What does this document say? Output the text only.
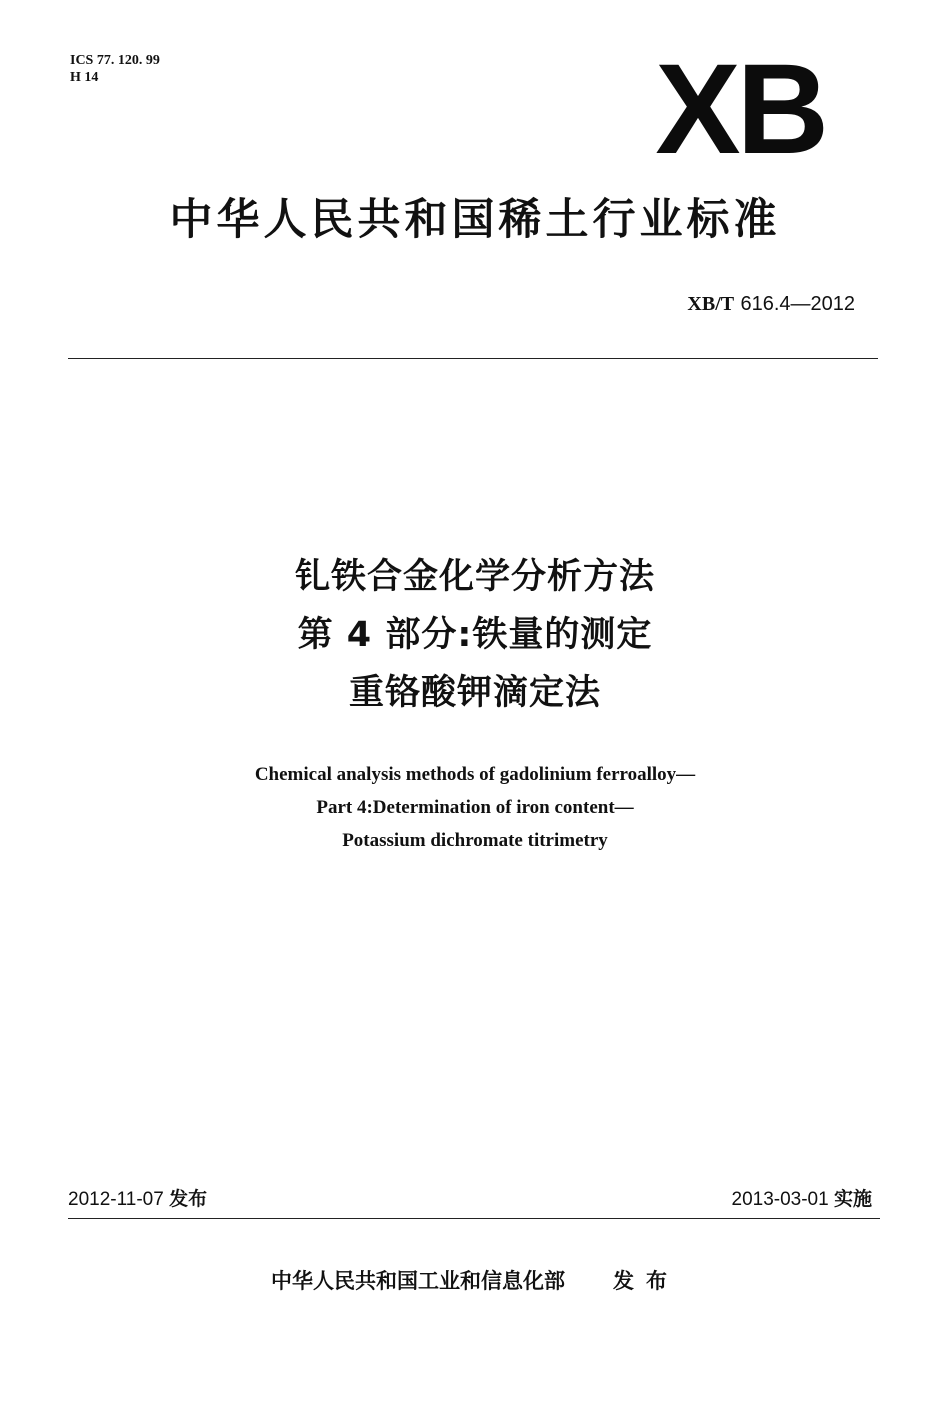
ICS 77. 120. 99
H 14	XB
中华人民共和国稀土行业标准
XB/T 616.4—2012
钆铁合金化学分析方法
第 4 部分:铁量的测定
重铬酸钾滴定法
Chemical analysis methods of gadolinium ferroalloy—
Part 4:Determination of iron content—
Potassium dichromate titrimetry
2012-11-07 发布	2013-03-01 实施
中华人民共和国工业和信息化部 发布
